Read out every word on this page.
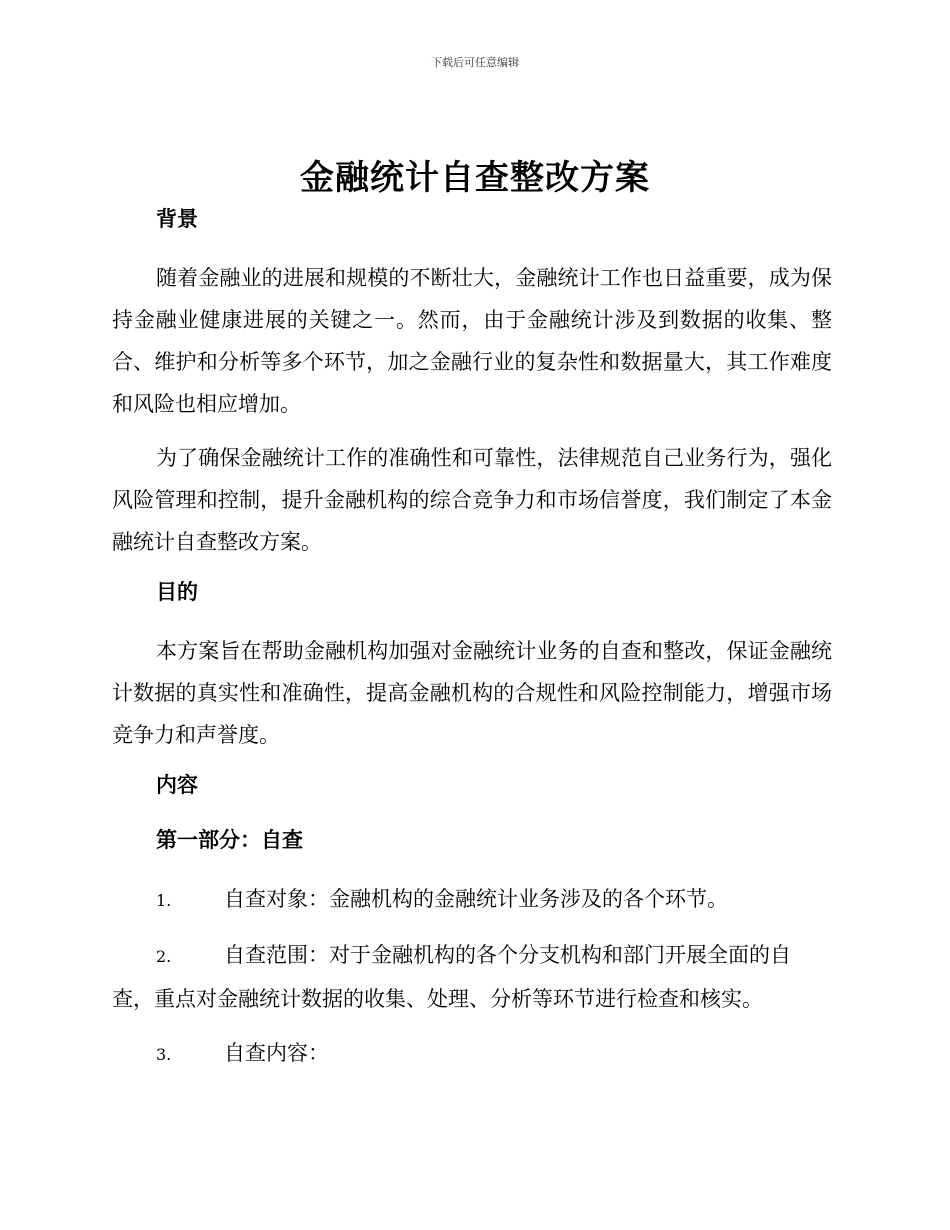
下载后可任意编辑
金融统计自查整改方案
背景

随着金融业的进展和规模的不断壮大，金融统计工作也日益重要，成为保持金融业健康进展的关键之一。然而，由于金融统计涉及到数据的收集、整合、维护和分析等多个环节，加之金融行业的复杂性和数据量大，其工作难度和风险也相应增加。

为了确保金融统计工作的准确性和可靠性，法律规范自己业务行为，强化风险管理和控制，提升金融机构的综合竞争力和市场信誉度，我们制定了本金融统计自查整改方案。

目的

本方案旨在帮助金融机构加强对金融统计业务的自查和整改，保证金融统计数据的真实性和准确性，提高金融机构的合规性和风险控制能力，增强市场竞争力和声誉度。

内容
第一部分：自查
1.	自查对象：金融机构的金融统计业务涉及的各个环节。
2.	自查范围：对于金融机构的各个分支机构和部门开展全面的自查，重点对金融统计数据的收集、处理、分析等环节进行检查和核实。
3.	自查内容：
